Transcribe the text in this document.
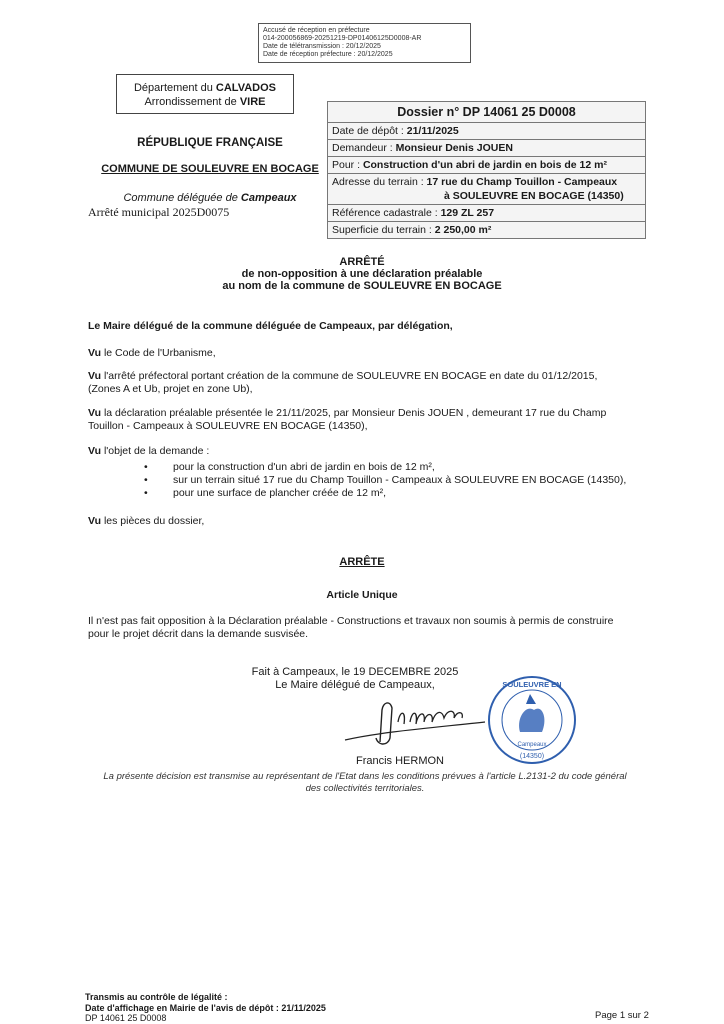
Accusé de réception en préfecture
014-200056869-20251219-DP01406125D0008-AR
Date de télétransmission : 20/12/2025
Date de réception préfecture : 20/12/2025
Département du CALVADOS
Arrondissement de VIRE
RÉPUBLIQUE FRANÇAISE
COMMUNE DE SOULEUVRE EN BOCAGE
Commune déléguée de Campeaux
Arrêté municipal 2025D0075
Dossier n° DP 14061 25 D0008
Date de dépôt : 21/11/2025
Demandeur : Monsieur Denis JOUEN
Pour : Construction d'un abri de jardin en bois de 12 m²
Adresse du terrain : 17 rue du Champ Touillon - Campeaux
à SOULEUVRE EN BOCAGE (14350)
Référence cadastrale : 129 ZL 257
Superficie du terrain : 2 250,00 m²
ARRÊTÉ
de non-opposition à une déclaration préalable
au nom de la commune de SOULEUVRE EN BOCAGE
Le Maire délégué de la commune déléguée de Campeaux, par délégation,
Vu le Code de l'Urbanisme,
Vu l'arrêté préfectoral portant création de la commune de SOULEUVRE EN BOCAGE en date du 01/12/2015,
(Zones A et Ub, projet en zone Ub),
Vu la déclaration préalable présentée le 21/11/2025, par Monsieur Denis JOUEN , demeurant 17 rue du Champ
Touillon - Campeaux à SOULEUVRE EN BOCAGE (14350),
Vu l'objet de la demande :
• pour la construction d'un abri de jardin en bois de 12 m²,
• sur un terrain situé 17 rue du Champ Touillon - Campeaux à SOULEUVRE EN BOCAGE (14350),
• pour une surface de plancher créée de 12 m²,
Vu les pièces du dossier,
ARRÊTE
Article Unique
Il n'est pas fait opposition à la Déclaration préalable - Constructions et travaux non soumis à permis de construire
pour le projet décrit dans la demande susvisée.
Fait à Campeaux, le 19 DECEMBRE 2025
Le Maire délégué de Campeaux,	SOULEUVRE EN
(14350)
Campeaux
Francis HERMON
La présente décision est transmise au représentant de l'Etat dans les conditions prévues à l'article L.2131-2 du code général
des collectivités territoriales.
Transmis au contrôle de légalité :
Date d'affichage en Mairie de l'avis de dépôt : 21/11/2025
DP 14061 25 D0008	Page 1 sur 2
